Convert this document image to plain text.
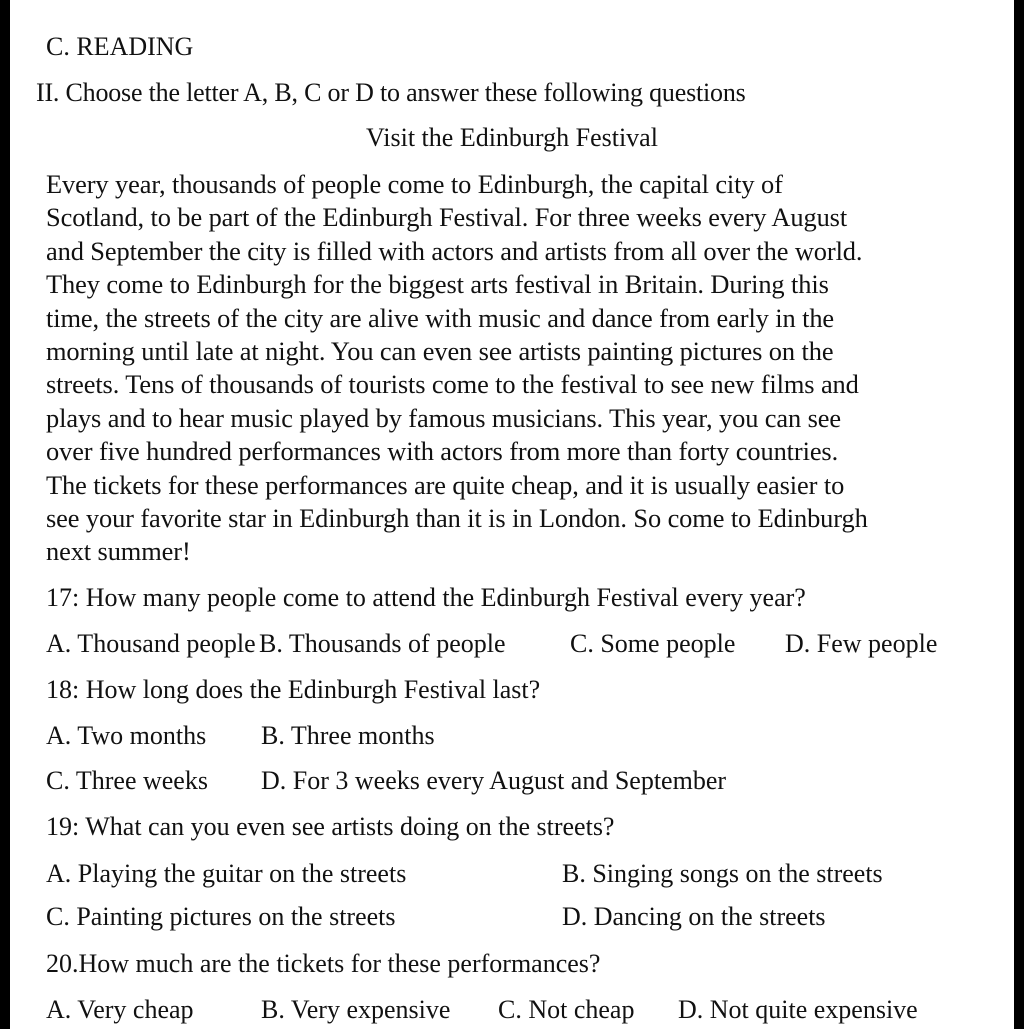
C. READING
II. Choose the letter A, B, C or D to answer these following questions
Visit the Edinburgh Festival
Every year, thousands of people come to Edinburgh, the capital city of
Scotland, to be part of the Edinburgh Festival. For three weeks every August
and September the city is filled with actors and artists from all over the world.
They come to Edinburgh for the biggest arts festival in Britain. During this
time, the streets of the city are alive with music and dance from early in the
morning until late at night. You can even see artists painting pictures on the
streets. Tens of thousands of tourists come to the festival to see new films and
plays and to hear music played by famous musicians. This year, you can see
over five hundred performances with actors from more than forty countries.
The tickets for these performances are quite cheap, and it is usually easier to
see your favorite star in Edinburgh than it is in London. So come to Edinburgh
next summer!
17: How many people come to attend the Edinburgh Festival every year?
A. Thousand people B. Thousands of people C. Some people D. Few people
18: How long does the Edinburgh Festival last?
A. Two months B. Three months
C. Three weeks D. For 3 weeks every August and September
19: What can you even see artists doing on the streets?
A. Playing the guitar on the streets	B. Singing songs on the streets
C. Painting pictures on the streets	D. Dancing on the streets
20.How much are the tickets for these performances?
A. Very cheap	B. Very expensive C. Not cheap D. Not quite expensive
